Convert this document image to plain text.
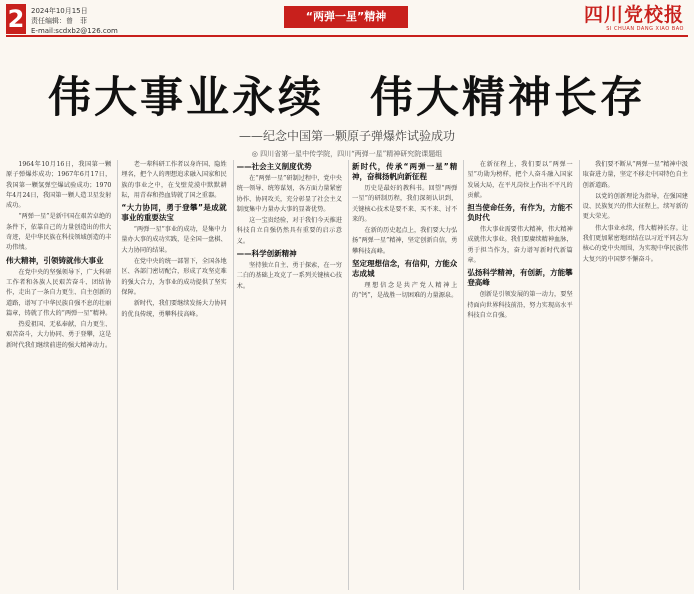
2 2024年10月15日
责任编辑：曾　菲
E-mail:scdxb2@126.com
“两弹一星”精神	四川党校报
SI CHUAN DANG XIAO BAO
伟大事业永续　伟大精神长存
——纪念中国第一颗原子弹爆炸试验成功
◎ 四川省第一星中传学院，四川“两弹一星”精神研究院课题组

1964年10月16日，我国第一颗原子弹爆炸成功；1967年6月17日，我国第一颗氢弹空爆试验成功；1970年4月24日，我国第一颗人造卫星发射成功。

“两弹一星”是新中国在艰苦卓绝的条件下，依靠自己的力量创造出的伟大奇迹，是中华民族在科技领域创造的丰功伟绩。

伟大精神，引领铸就伟大事业

在党中央的坚强领导下，广大科研工作者和各族人民艰苦奋斗、团结协作，走出了一条自力更生、自主创新的道路，谱写了中华民族自强不息的壮丽篇章，铸就了伟大的“两弹一星”精神。

热爱祖国、无私奉献，自力更生、艰苦奋斗，大力协同、勇于登攀，这是新时代我们继续前进的强大精神动力。

老一辈科研工作者以身许国、隐姓埋名，把个人的理想追求融入国家和民族的事业之中，在戈壁荒漠中默默耕耘，用青春和热血铸就了国之重器。

“大力协同，勇于登攀”是成就事业的重要法宝

“两弹一星”事业的成功，是集中力量办大事的成功实践，是全国一盘棋、大力协同的结果。

在党中央的统一部署下，全国各地区、各部门密切配合，形成了攻坚克难的强大合力，为事业的成功提供了坚实保障。

新时代，我们要继续发扬大力协同的优良传统，勇攀科技高峰。

——社会主义制度优势

在“两弹一星”研制过程中，党中央统一领导、统筹谋划，各方面力量紧密协作、协同攻关，充分彰显了社会主义制度集中力量办大事的显著优势。

这一宝贵经验，对于我们今天推进科技自立自强仍然具有重要的启示意义。

——科学创新精神

坚持独立自主、勇于探索，在一穷二白的基础上攻克了一系列关键核心技术。

新时代，传承“两弹一星”精神，奋楫扬帆向新征程

历史是最好的教科书。回望“两弹一星”的研制历程，我们深刻认识到，关键核心技术是要不来、买不来、讨不来的。

在新的历史起点上，我们要大力弘扬“两弹一星”精神，坚定创新自信，勇攀科技高峰。

坚定理想信念，有信仰，方能众志成城

理想信念是共产党人精神上的“钙”，是战胜一切困难的力量源泉。

在新征程上，我们要以“两弹一星”功勋为榜样，把个人奋斗融入国家发展大局，在平凡岗位上作出不平凡的贡献。

担当使命任务，有作为，方能不负时代

伟大事业需要伟大精神，伟大精神成就伟大事业。我们要赓续精神血脉，勇于担当作为，奋力谱写新时代新篇章。

弘扬科学精神，有创新，方能攀登高峰

创新是引领发展的第一动力，要坚持面向世界科技前沿，努力实现高水平科技自立自强。

我们要不断从“两弹一星”精神中汲取奋进力量，坚定不移走中国特色自主创新道路。

以党的创新理论为指导，在强国建设、民族复兴的伟大征程上，续写新的更大荣光。

伟大事业永续，伟大精神长存。让我们更加紧密地团结在以习近平同志为核心的党中央周围，为实现中华民族伟大复兴的中国梦不懈奋斗。
